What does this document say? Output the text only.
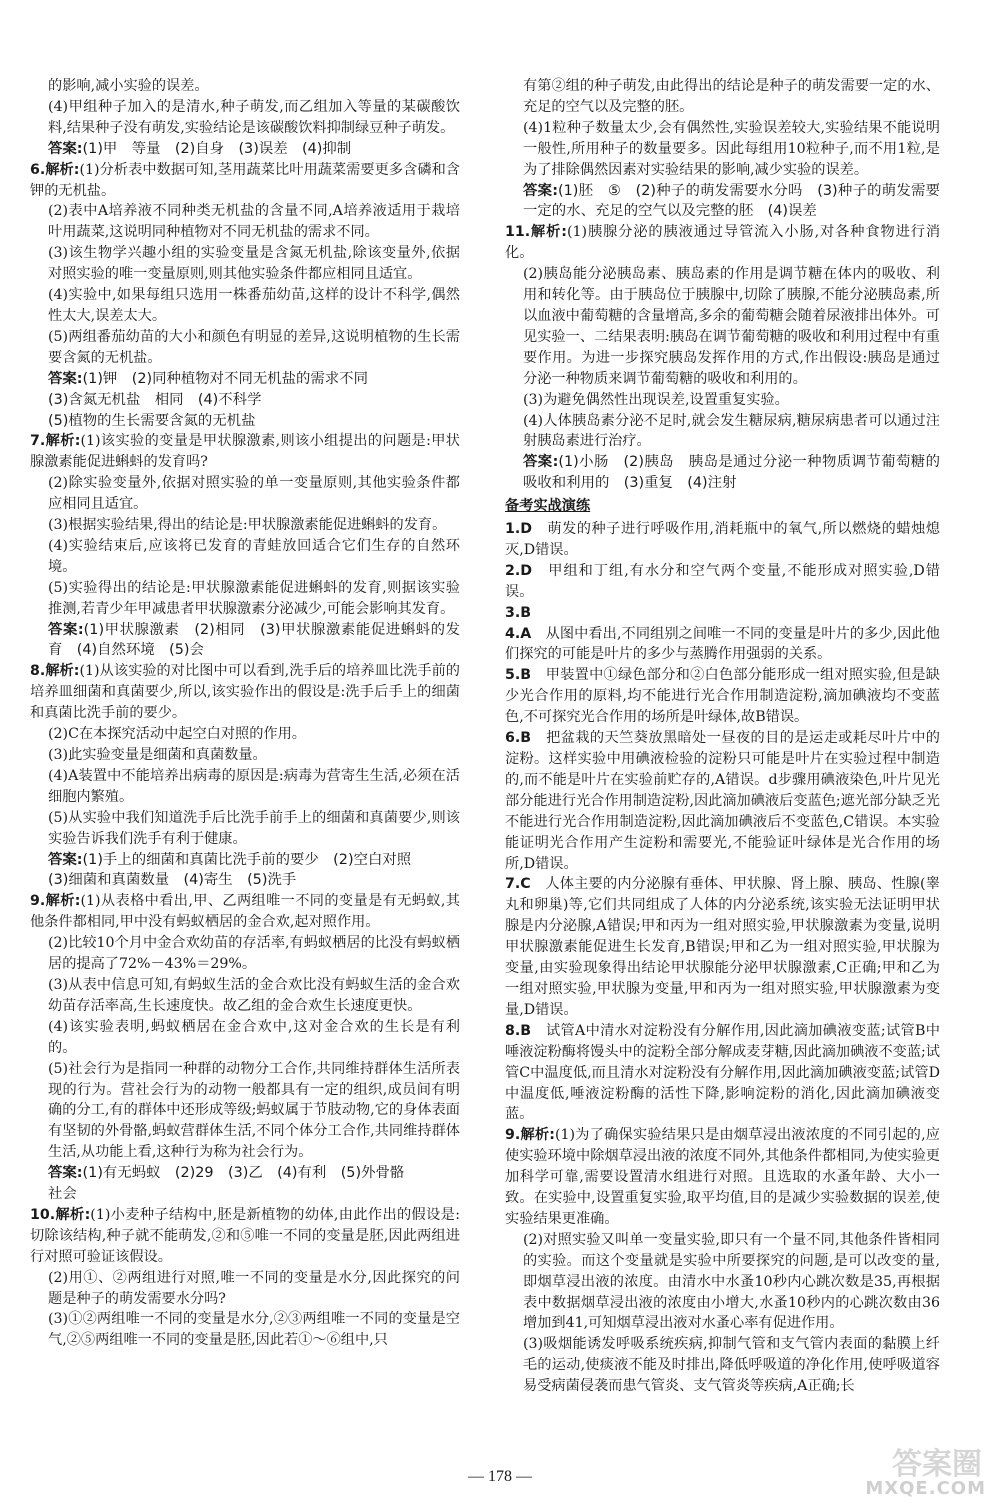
的影响,减小实验的误差。

(4)甲组种子加入的是清水,种子萌发,而乙组加入等量的某碳酸饮料,结果种子没有萌发,实验结论是该碳酸饮料抑制绿豆种子萌发。

答案:(1)甲　等量　(2)自身　(3)误差　(4)抑制

6.解析:(1)分析表中数据可知,茎用蔬菜比叶用蔬菜需要更多含磷和含钾的无机盐。

(2)表中A培养液不同种类无机盐的含量不同,A培养液适用于栽培叶用蔬菜,这说明同种植物对不同无机盐的需求不同。

(3)该生物学兴趣小组的实验变量是含氮无机盐,除该变量外,依据对照实验的唯一变量原则,则其他实验条件都应相同且适宜。

(4)实验中,如果每组只选用一株番茄幼苗,这样的设计不科学,偶然性太大,误差太大。

(5)两组番茄幼苗的大小和颜色有明显的差异,这说明植物的生长需要含氮的无机盐。

答案:(1)钾　(2)同种植物对不同无机盐的需求不同

(3)含氮无机盐　相同　(4)不科学

(5)植物的生长需要含氮的无机盐

7.解析:(1)该实验的变量是甲状腺激素,则该小组提出的问题是:甲状腺激素能促进蝌蚪的发育吗?

(2)除实验变量外,依据对照实验的单一变量原则,其他实验条件都应相同且适宜。

(3)根据实验结果,得出的结论是:甲状腺激素能促进蝌蚪的发育。

(4)实验结束后,应该将已发育的青蛙放回适合它们生存的自然环境。

(5)实验得出的结论是:甲状腺激素能促进蝌蚪的发育,则据该实验推测,若青少年甲减患者甲状腺激素分泌减少,可能会影响其发育。

答案:(1)甲状腺激素　(2)相同　(3)甲状腺激素能促进蝌蚪的发育　(4)自然环境　(5)会

8.解析:(1)从该实验的对比图中可以看到,洗手后的培养皿比洗手前的培养皿细菌和真菌要少,所以,该实验作出的假设是:洗手后手上的细菌和真菌比洗手前的要少。

(2)C在本探究活动中起空白对照的作用。

(3)此实验变量是细菌和真菌数量。

(4)A装置中不能培养出病毒的原因是:病毒为营寄生生活,必须在活细胞内繁殖。

(5)从实验中我们知道洗手后比洗手前手上的细菌和真菌要少,则该实验告诉我们洗手有利于健康。

答案:(1)手上的细菌和真菌比洗手前的要少　(2)空白对照

(3)细菌和真菌数量　(4)寄生　(5)洗手

9.解析:(1)从表格中看出,甲、乙两组唯一不同的变量是有无蚂蚁,其他条件都相同,甲中没有蚂蚁栖居的金合欢,起对照作用。

(2)比较10个月中金合欢幼苗的存活率,有蚂蚁栖居的比没有蚂蚁栖居的提高了72%－43%＝29%。

(3)从表中信息可知,有蚂蚁生活的金合欢比没有蚂蚁生活的金合欢幼苗存活率高,生长速度快。故乙组的金合欢生长速度更快。

(4)该实验表明,蚂蚁栖居在金合欢中,这对金合欢的生长是有利的。

(5)社会行为是指同一种群的动物分工合作,共同维持群体生活所表现的行为。营社会行为的动物一般都具有一定的组织,成员间有明确的分工,有的群体中还形成等级;蚂蚁属于节肢动物,它的身体表面有坚韧的外骨骼,蚂蚁营群体生活,不同个体分工合作,共同维持群体生活,从功能上看,这种行为称为社会行为。

答案:(1)有无蚂蚁　(2)29　(3)乙　(4)有利　(5)外骨骼

社会

10.解析:(1)小麦种子结构中,胚是新植物的幼体,由此作出的假设是:切除该结构,种子就不能萌发,②和⑤唯一不同的变量是胚,因此两组进行对照可验证该假设。

(2)用①、②两组进行对照,唯一不同的变量是水分,因此探究的问题是种子的萌发需要水分吗?

(3)①②两组唯一不同的变量是水分,②③两组唯一不同的变量是空气,②⑤两组唯一不同的变量是胚,因此若①～⑥组中,只

有第②组的种子萌发,由此得出的结论是种子的萌发需要一定的水、充足的空气以及完整的胚。

(4)1粒种子数量太少,会有偶然性,实验误差较大,实验结果不能说明一般性,所用种子的数量要多。因此每组用10粒种子,而不用1粒,是为了排除偶然因素对实验结果的影响,减少实验的误差。

答案:(1)胚　⑤　(2)种子的萌发需要水分吗　(3)种子的萌发需要一定的水、充足的空气以及完整的胚　(4)误差

11.解析:(1)胰腺分泌的胰液通过导管流入小肠,对各种食物进行消化。

(2)胰岛能分泌胰岛素、胰岛素的作用是调节糖在体内的吸收、利用和转化等。由于胰岛位于胰腺中,切除了胰腺,不能分泌胰岛素,所以血液中葡萄糖的含量增高,多余的葡萄糖会随着尿液排出体外。可见实验一、二结果表明:胰岛在调节葡萄糖的吸收和利用过程中有重要作用。为进一步探究胰岛发挥作用的方式,作出假设:胰岛是通过分泌一种物质来调节葡萄糖的吸收和利用的。

(3)为避免偶然性出现误差,设置重复实验。

(4)人体胰岛素分泌不足时,就会发生糖尿病,糖尿病患者可以通过注射胰岛素进行治疗。

答案:(1)小肠　(2)胰岛　胰岛是通过分泌一种物质调节葡萄糖的吸收和利用的　(3)重复　(4)注射

备考实战演练

1.D　萌发的种子进行呼吸作用,消耗瓶中的氧气,所以燃烧的蜡烛熄灭,D错误。

2.D　甲组和丁组,有水分和空气两个变量,不能形成对照实验,D错误。

3.B

4.A　从图中看出,不同组别之间唯一不同的变量是叶片的多少,因此他们探究的可能是叶片的多少与蒸腾作用强弱的关系。

5.B　甲装置中①绿色部分和②白色部分能形成一组对照实验,但是缺少光合作用的原料,均不能进行光合作用制造淀粉,滴加碘液均不变蓝色,不可探究光合作用的场所是叶绿体,故B错误。

6.B　把盆栽的天竺葵放黑暗处一昼夜的目的是运走或耗尽叶片中的淀粉。这样实验中用碘液检验的淀粉只可能是叶片在实验过程中制造的,而不能是叶片在实验前贮存的,A错误。d步骤用碘液染色,叶片见光部分能进行光合作用制造淀粉,因此滴加碘液后变蓝色;遮光部分缺乏光不能进行光合作用制造淀粉,因此滴加碘液后不变蓝色,C错误。本实验能证明光合作用产生淀粉和需要光,不能验证叶绿体是光合作用的场所,D错误。

7.C　人体主要的内分泌腺有垂体、甲状腺、肾上腺、胰岛、性腺(睾丸和卵巢)等,它们共同组成了人体的内分泌系统,该实验无法证明甲状腺是内分泌腺,A错误;甲和丙为一组对照实验,甲状腺激素为变量,说明甲状腺激素能促进生长发育,B错误;甲和乙为一组对照实验,甲状腺为变量,由实验现象得出结论甲状腺能分泌甲状腺激素,C正确;甲和乙为一组对照实验,甲状腺为变量,甲和丙为一组对照实验,甲状腺激素为变量,D错误。

8.B　试管A中清水对淀粉没有分解作用,因此滴加碘液变蓝;试管B中唾液淀粉酶将馒头中的淀粉全部分解成麦芽糖,因此滴加碘液不变蓝;试管C中温度低,而且清水对淀粉没有分解作用,因此滴加碘液变蓝;试管D中温度低,唾液淀粉酶的活性下降,影响淀粉的消化,因此滴加碘液变蓝。

9.解析:(1)为了确保实验结果只是由烟草浸出液浓度的不同引起的,应使实验环境中除烟草浸出液的浓度不同外,其他条件都相同,为使实验更加科学可靠,需要设置清水组进行对照。且选取的水蚤年龄、大小一致。在实验中,设置重复实验,取平均值,目的是减少实验数据的误差,使实验结果更准确。

(2)对照实验又叫单一变量实验,即只有一个量不同,其他条件皆相同的实验。而这个变量就是实验中所要探究的问题,是可以改变的量,即烟草浸出液的浓度。由清水中水蚤10秒内心跳次数是35,再根据表中数据烟草浸出液的浓度由小增大,水蚤10秒内的心跳次数由36增加到41,可知烟草浸出液对水蚤心率有促进作用。

(3)吸烟能诱发呼吸系统疾病,抑制气管和支气管内表面的黏膜上纤毛的运动,使痰液不能及时排出,降低呼吸道的净化作用,使呼吸道容易受病菌侵袭而患气管炎、支气管炎等疾病,A正确;长

— 178 —	答案圈
MXQE.COM
